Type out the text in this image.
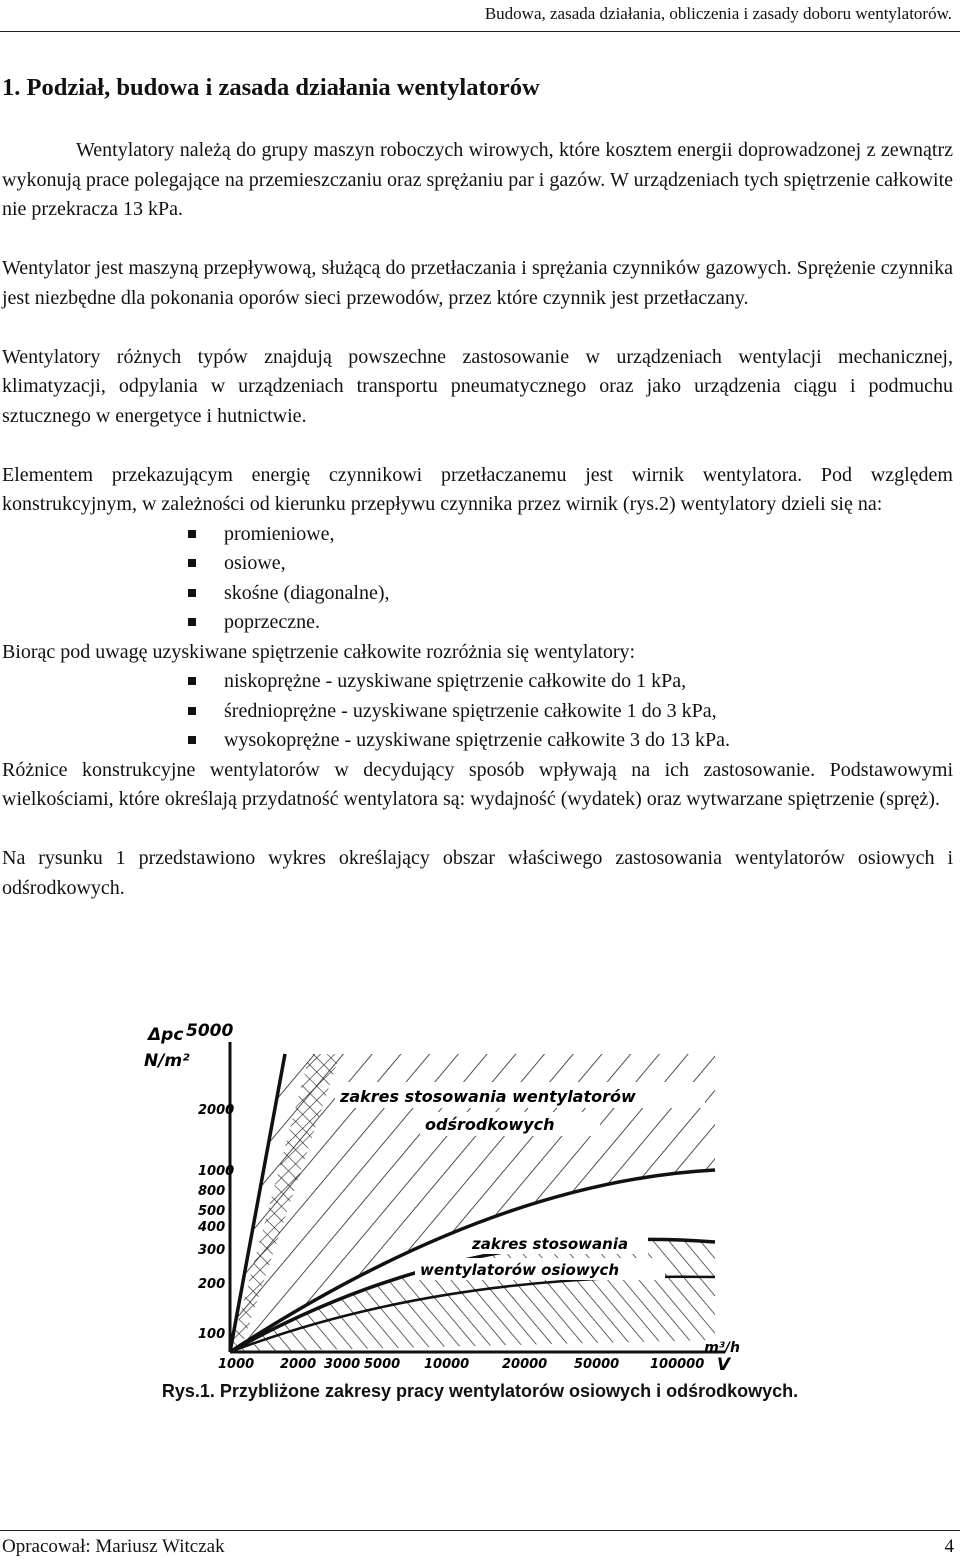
Budowa, zasada działania, obliczenia i zasady doboru wentylatorów.
1. Podział, budowa i zasada działania wentylatorów

Wentylatory należą do grupy maszyn roboczych wirowych, które kosztem energii doprowadzonej z zewnątrz wykonują prace polegające na przemieszczaniu oraz sprężaniu par i gazów. W urządzeniach tych spiętrzenie całkowite nie przekracza 13 kPa.

Wentylator jest maszyną przepływową, służącą do przetłaczania i sprężania czynników gazowych. Sprężenie czynnika jest niezbędne dla pokonania oporów sieci przewodów, przez które czynnik jest przetłaczany.

Wentylatory różnych typów znajdują powszechne zastosowanie w urządzeniach wentylacji mechanicznej, klimatyzacji, odpylania w urządzeniach transportu pneumatycznego oraz jako urządzenia ciągu i podmuchu sztucznego w energetyce i hutnictwie.

Elementem przekazującym energię czynnikowi przetłaczanemu jest wirnik wentylatora. Pod względem konstrukcyjnym, w zależności od kierunku przepływu czynnika przez wirnik (rys.2) wentylatory dzieli się na:

promieniowe,
osiowe,
skośne (diagonalne),
poprzeczne.

Biorąc pod uwagę uzyskiwane spiętrzenie całkowite rozróżnia się wentylatory:

niskoprężne - uzyskiwane spiętrzenie całkowite do 1 kPa,
średnioprężne - uzyskiwane spiętrzenie całkowite 1 do 3 kPa,
wysokoprężne - uzyskiwane spiętrzenie całkowite 3 do 13 kPa.

Różnice konstrukcyjne wentylatorów w decydujący sposób wpływają na ich zastosowanie. Podstawowymi wielkościami, które określają przydatność wentylatora są: wydajność (wydatek) oraz wytwarzane spiętrzenie (spręż).

Na rysunku 1 przedstawiono wykres określający obszar właściwego zastosowania wentylatorów osiowych i odśrodkowych.

Δpc 5000
N/m²
2000
1000
800
500
400
300
200
100
1000 2000 3000 5000 10000	20000 50000 100000 V
m³/h
zakres stosowania wentylatorów
odśrodkowych
zakres stosowania
wentylatorów osiowych
Rys.1. Przybliżone zakresy pracy wentylatorów osiowych i odśrodkowych.
Opracował: Mariusz Witczak	4
